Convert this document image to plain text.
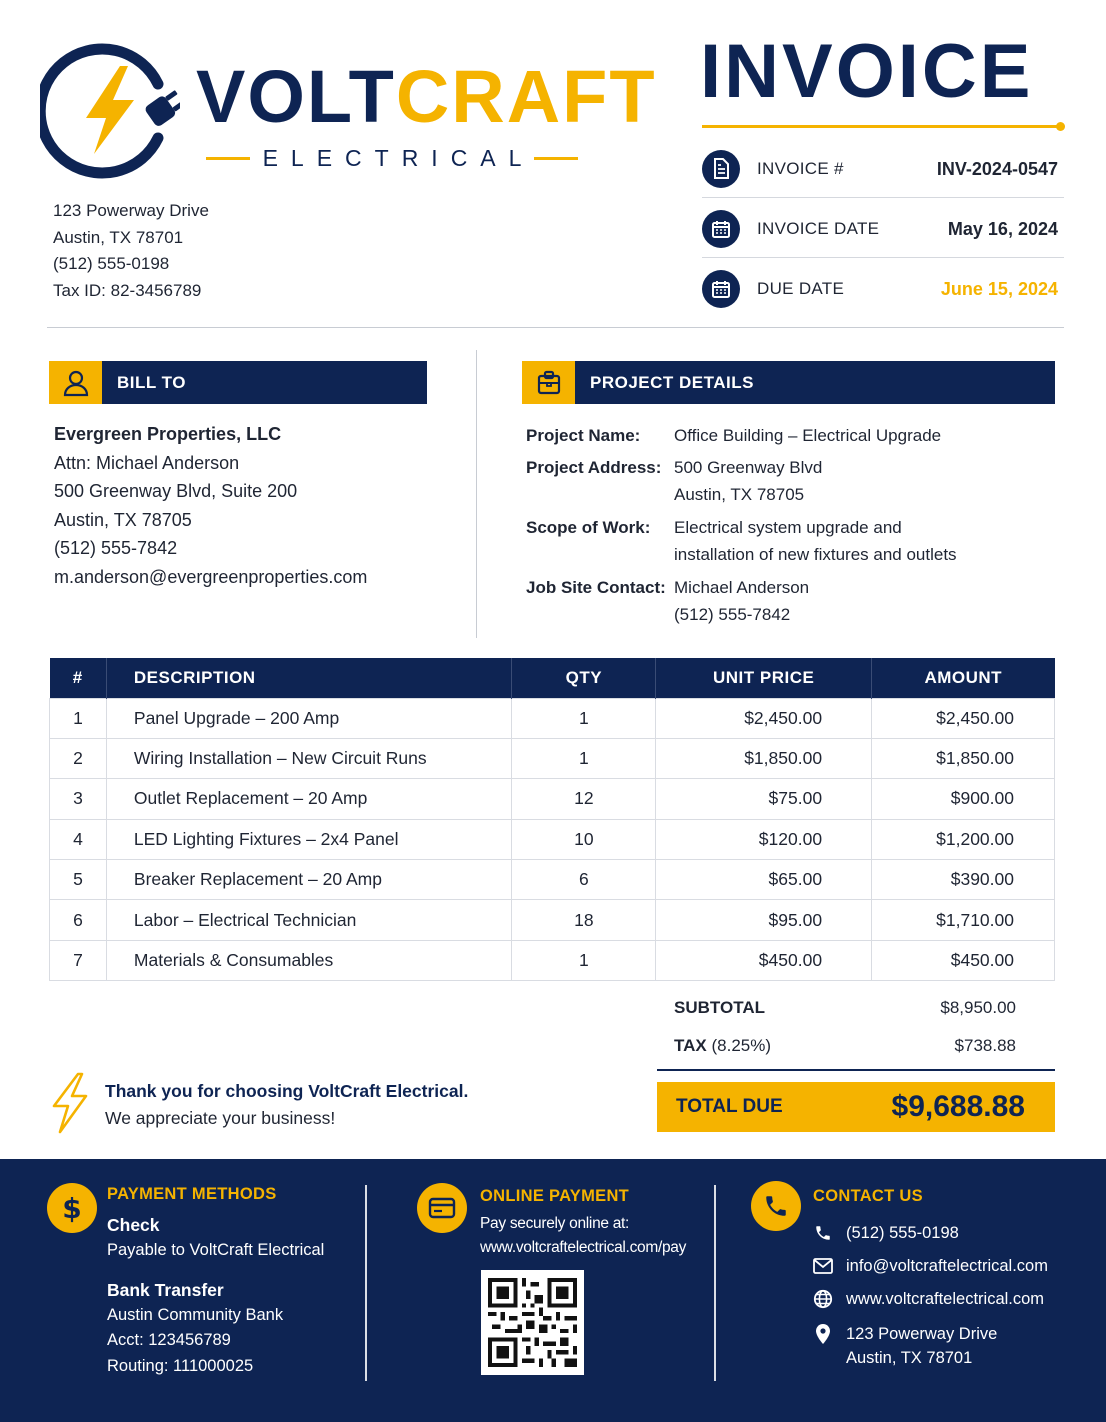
VOLTCRAFT
ELECTRICAL
123 Powerway Drive
Austin, TX 78701
(512) 555-0198
Tax ID: 82-3456789
INVOICE
INVOICE #	INV-2024-0547
INVOICE DATE	May 16, 2024
DUE DATE	June 15, 2024
BILL TO
Evergreen Properties, LLC
Attn: Michael Anderson
500 Greenway Blvd, Suite 200
Austin, TX 78705
(512) 555-7842
m.anderson@evergreenproperties.com
PROJECT DETAILS
Project Name:	Office Building – Electrical Upgrade
Project Address: 500 Greenway Blvd
Austin, TX 78705
Scope of Work:	Electrical system upgrade and
installation of new fixtures and outlets
Job Site Contact: Michael Anderson
(512) 555-7842
#	DESCRIPTION	QTY	UNIT PRICE	AMOUNT
1	Panel Upgrade – 200 Amp	1	$2,450.00	$2,450.00
2	Wiring Installation – New Circuit Runs	1	$1,850.00	$1,850.00
3	Outlet Replacement – 20 Amp	12	$75.00	$900.00
4	LED Lighting Fixtures – 2x4 Panel	10	$120.00	$1,200.00
5	Breaker Replacement – 20 Amp	6	$65.00	$390.00
6	Labor – Electrical Technician	18	$95.00	$1,710.00
7	Materials & Consumables	1	$450.00	$450.00
SUBTOTAL	$8,950.00
TAX (8.25%)	$738.88
TOTAL DUE	$9,688.88
Thank you for choosing VoltCraft Electrical.
We appreciate your business!
$ PAYMENT METHODS
Check
Payable to VoltCraft Electrical
Bank Transfer
Austin Community Bank
Acct: 123456789
Routing: 111000025
ONLINE PAYMENT
Pay securely online at:
www.voltcraftelectrical.com/pay
CONTACT US
(512) 555-0198
info@voltcraftelectrical.com
www.voltcraftelectrical.com
123 Powerway Drive
Austin, TX 78701
